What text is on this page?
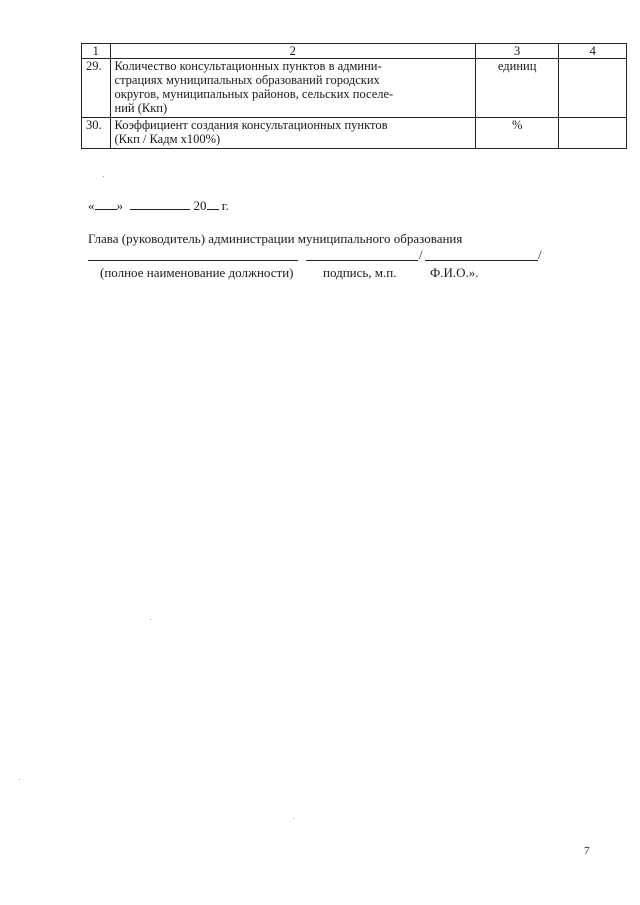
1	2	3	4
29.	Количество консультационных пунктов в админи-
страциях муниципальных образований городских
округов, муниципальных районов, сельских поселе-
ний (Ккп)	единиц	
30.	Коэффициент создания консультационных пунктов
(Ккп / Кадм х100%)	%	
« »	20 г.
Глава (руководитель) администрации муниципального образования
/	/
(полное наименование должности) подпись, м.п.	Ф.И.О.».
7
